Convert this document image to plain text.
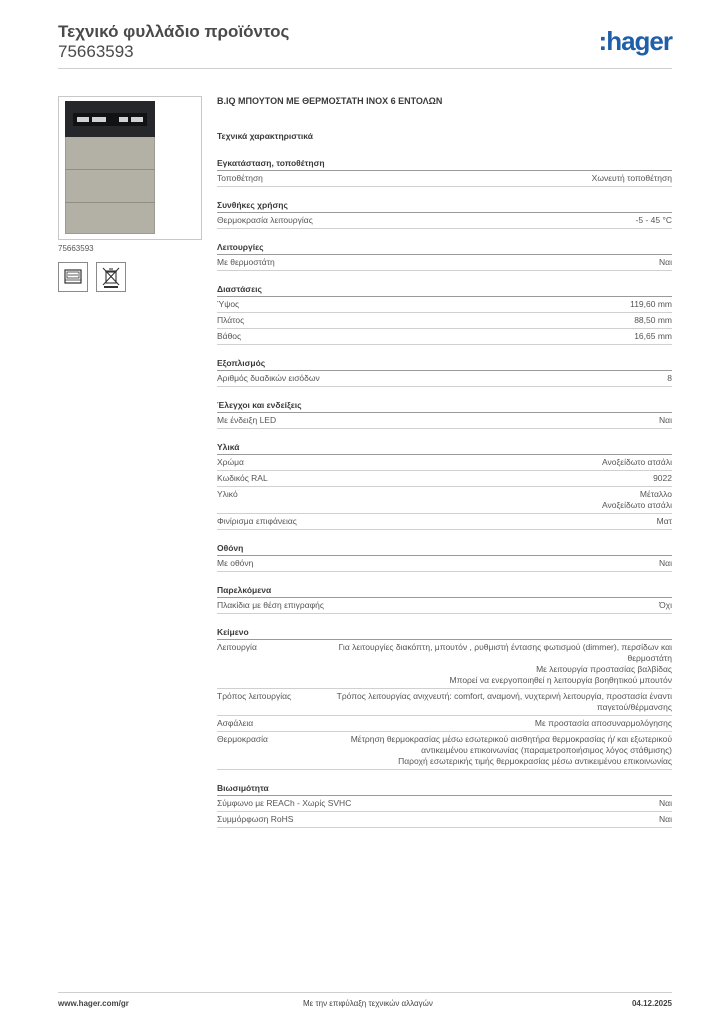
Τεχνικό φυλλάδιο προϊόντος
75663593	:hager
75663593
B.IQ ΜΠΟΥΤΟΝ ΜΕ ΘΕΡΜΟΣΤΑΤΗ INOX 6 ΕΝΤΟΛΩΝ
Τεχνικά χαρακτηριστικά
Εγκατάσταση, τοποθέτηση
Τοποθέτηση	Χωνευτή τοποθέτηση
Συνθήκες χρήσης
Θερμοκρασία λειτουργίας	-5 - 45 °C
Λειτουργίες
Με θερμοστάτη	Ναι
Διαστάσεις
Ύψος	119,60 mm
Πλάτος	88,50 mm
Βάθος	16,65 mm
Εξοπλισμός
Αριθμός δυαδικών εισόδων	8
Έλεγχοι και ενδείξεις
Με ένδειξη LED	Ναι
Υλικά
Χρώμα	Ανοξείδωτο ατσάλι
Κωδικός RAL	9022
Υλικό	Μέταλλο
Ανοξείδωτο ατσάλι
Φινίρισμα επιφάνειας	Ματ
Οθόνη
Με οθόνη	Ναι
Παρελκόμενα
Πλακίδια με θέση επιγραφής	Όχι
Κείμενο
Λειτουργία	Για λειτουργίες διακόπτη, μπουτόν , ρυθμιστή έντασης φωτισμού (dimmer), περσίδων και θερμοστάτη
Με λειτουργία προστασίας βαλβίδας
Μπορεί να ενεργοποιηθεί η λειτουργία βοηθητικού μπουτόν
Τρόπος λειτουργίας	Τρόπος λειτουργίας ανιχνευτή: comfort, αναμονή, νυχτερινή λειτουργία, προστασία έναντι παγετού/θέρμανσης
Ασφάλεια	Με προστασία αποσυναρμολόγησης
Θερμοκρασία	Μέτρηση θερμοκρασίας μέσω εσωτερικού αισθητήρα θερμοκρασίας ή/ και εξωτερικού αντικειμένου επικοινωνίας (παραμετροποιήσιμος λόγος στάθμισης)
Παροχή εσωτερικής τιμής θερμοκρασίας μέσω αντικειμένου επικοινωνίας
Βιωσιμότητα
Σύμφωνο με REACh - Χωρίς SVHC	Ναι
Συμμόρφωση RoHS	Ναι
www.hager.com/gr	Με την επιφύλαξη τεχνικών αλλαγών	04.12.2025
